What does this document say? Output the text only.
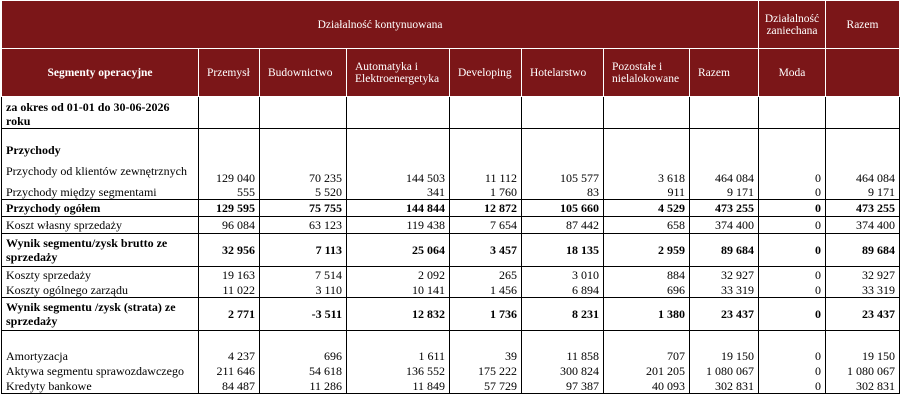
Działalność kontynuowana								Działalność zaniechana	Razem
Segmenty operacyjne	Przemysł	Budownictwo	Automatyka i Elektroenergetyka	Developing	Hotelarstwo	Pozostałe i nielalokowane	Razem	Moda	
za okres od 01-01 do 30-06-2026 roku									

Przychody									
Przychody od klientów zewnętrznych	129 040	70 235	144 503	11 112	105 577	3 618	464 084	0	464 084
Przychody między segmentami	555	5 520	341	1 760	83	911	9 171	0	9 171
Przychody ogółem	129 595	75 755	144 844	12 872	105 660	4 529	473 255	0	473 255
Koszt własny sprzedaży	96 084	63 123	119 438	7 654	87 442	658	374 400	0	374 400
Wynik segmentu/zysk brutto ze sprzedaży	32 956	7 113	25 064	3 457	18 135	2 959	89 684	0	89 684
Koszty sprzedaży	19 163	7 514	2 092	265	3 010	884	32 927	0	32 927
Koszty ogólnego zarządu	11 022	3 110	10 141	1 456	6 894	696	33 319	0	33 319
Wynik segmentu /zysk (strata) ze sprzedaży	2 771	-3 511	12 832	1 736	8 231	1 380	23 437	0	23 437

Amortyzacja	4 237	696	1 611	39	11 858	707	19 150	0	19 150
Aktywa segmentu sprawozdawczego	211 646	54 618	136 552	175 222	300 824	201 205	1 080 067	0	1 080 067
Kredyty bankowe	84 487	11 286	11 849	57 729	97 387	40 093	302 831	0	302 831
